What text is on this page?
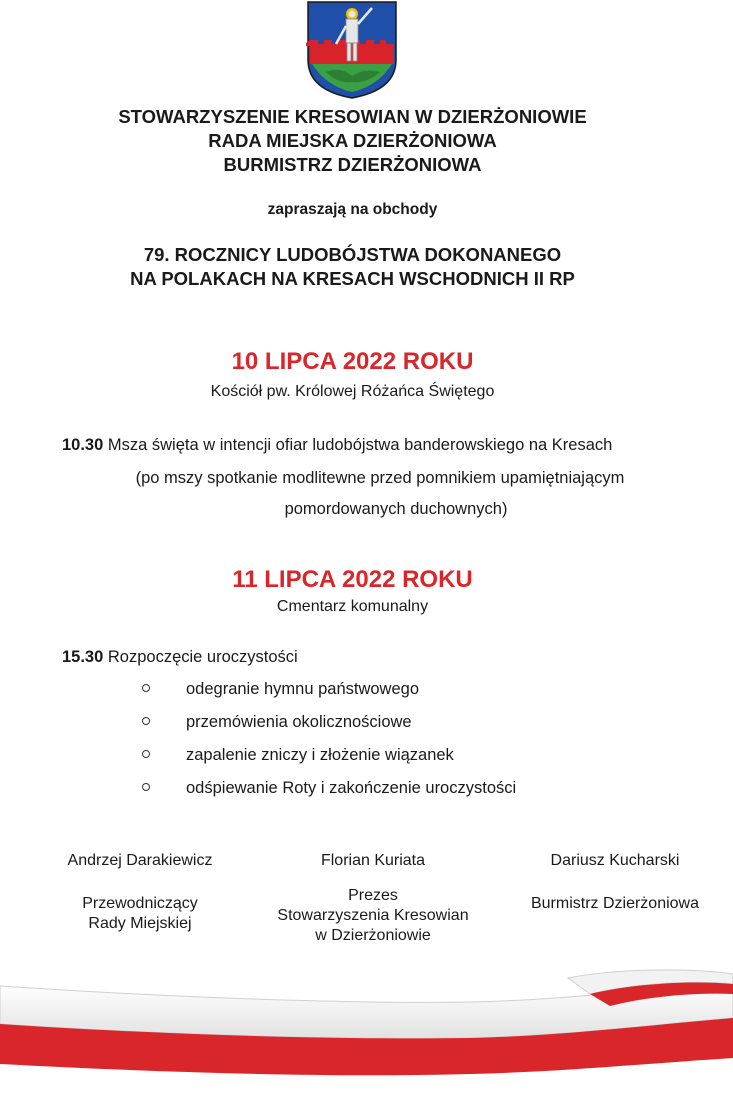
STOWARZYSZENIE KRESOWIAN W DZIERŻONIOWIE
RADA MIEJSKA DZIERŻONIOWA
BURMISTRZ DZIERŻONIOWA
zapraszają na obchody
79. ROCZNICY LUDOBÓJSTWA DOKONANEGO
NA POLAKACH NA KRESACH WSCHODNICH II RP
10 LIPCA 2022 ROKU
Kościół pw. Królowej Różańca Świętego
10.30 Msza święta w intencji ofiar ludobójstwa banderowskiego na Kresach
(po mszy spotkanie modlitewne przed pomnikiem upamiętniającym
pomordowanych duchownych)
11 LIPCA 2022 ROKU
Cmentarz komunalny
15.30 Rozpoczęcie uroczystości
odegranie hymnu państwowego
przemówienia okolicznościowe
zapalenie zniczy i złożenie wiązanek
odśpiewanie Roty i zakończenie uroczystości
Andrzej Darakiewicz
Przewodniczący
Rady Miejskiej
Florian Kuriata
Prezes
Stowarzyszenia Kresowian
w Dzierżoniowie
Dariusz Kucharski
Burmistrz Dzierżoniowa
